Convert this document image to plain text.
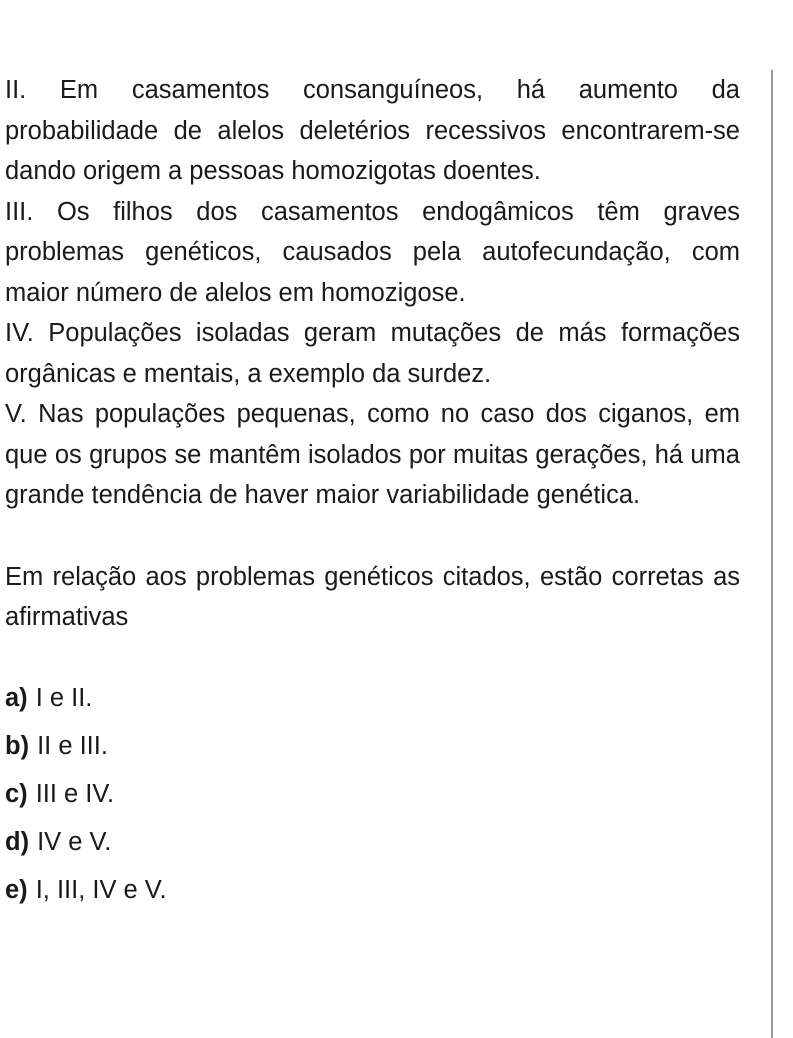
II. Em casamentos consanguíneos, há aumento da probabilidade de alelos deletérios recessivos encontrarem-se dando origem a pessoas homozigotas doentes.

III. Os filhos dos casamentos endogâmicos têm graves problemas genéticos, causados pela autofecundação, com maior número de alelos em homozigose.

IV. Populações isoladas geram mutações de más formações orgânicas e mentais, a exemplo da surdez.

V. Nas populações pequenas, como no caso dos ciganos, em que os grupos se mantêm isolados por muitas gerações, há uma grande tendência de haver maior variabilidade genética.

Em relação aos problemas genéticos citados, estão corretas as afirmativas

a) I e II.
b) II e III.
c) III e IV.
d) IV e V.
e) I, III, IV e V.
